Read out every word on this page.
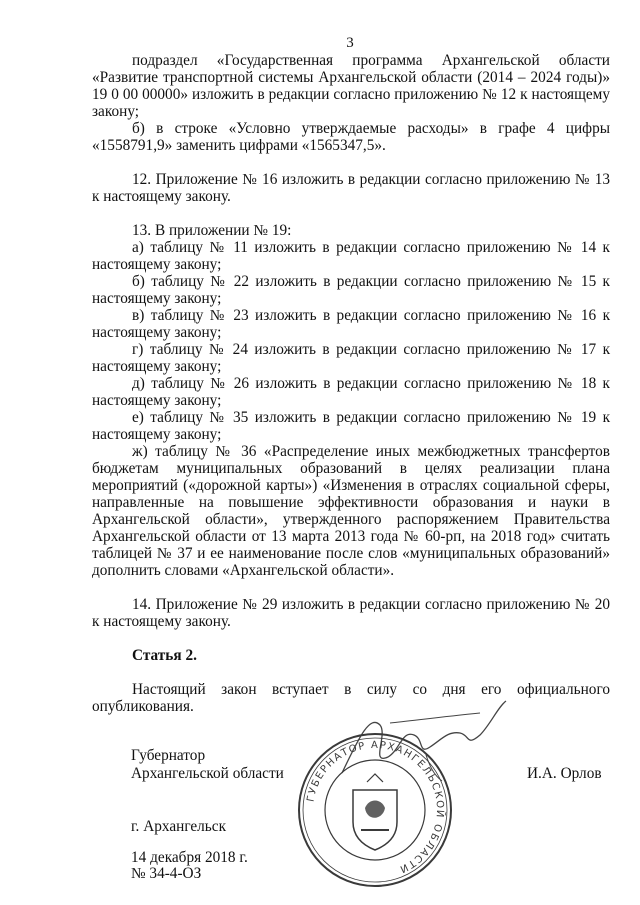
3

подраздел «Государственная программа Архангельской области «Развитие транспортной системы Архангельской области (2014 – 2024 годы)» 19 0 00 00000» изложить в редакции согласно приложению № 12 к настоящему закону;

б) в строке «Условно утверждаемые расходы» в графе 4 цифры «1558791,9» заменить цифрами «1565347,5».

12. Приложение № 16 изложить в редакции согласно приложению № 13 к настоящему закону.

13. В приложении № 19:

а) таблицу № 11 изложить в редакции согласно приложению № 14 к настоящему закону;

б) таблицу № 22 изложить в редакции согласно приложению № 15 к настоящему закону;

в) таблицу № 23 изложить в редакции согласно приложению № 16 к настоящему закону;

г) таблицу № 24 изложить в редакции согласно приложению № 17 к настоящему закону;

д) таблицу № 26 изложить в редакции согласно приложению № 18 к настоящему закону;

е) таблицу № 35 изложить в редакции согласно приложению № 19 к настоящему закону;

ж) таблицу № 36 «Распределение иных межбюджетных трансфертов бюджетам муниципальных образований в целях реализации плана мероприятий («дорожной карты») «Изменения в отраслях социальной сферы, направленные на повышение эффективности образования и науки в Архангельской области», утвержденного распоряжением Правительства Архангельской области от 13 марта 2013 года № 60-рп, на 2018 год» считать таблицей № 37 и ее наименование после слов «муниципальных образований» дополнить словами «Архангельской области».

14. Приложение № 29 изложить в редакции согласно приложению № 20 к настоящему закону.

Статья 2.

Настоящий закон вступает в силу со дня его официального опубликования.

ГУБЕРНАТОР АРХАНГЕЛЬСКОЙ ОБЛАСТИ
Губернатор
Архангельской области	И.А. Орлов
г. Архангельск
14 декабря 2018 г.
№ 34-4-ОЗ
